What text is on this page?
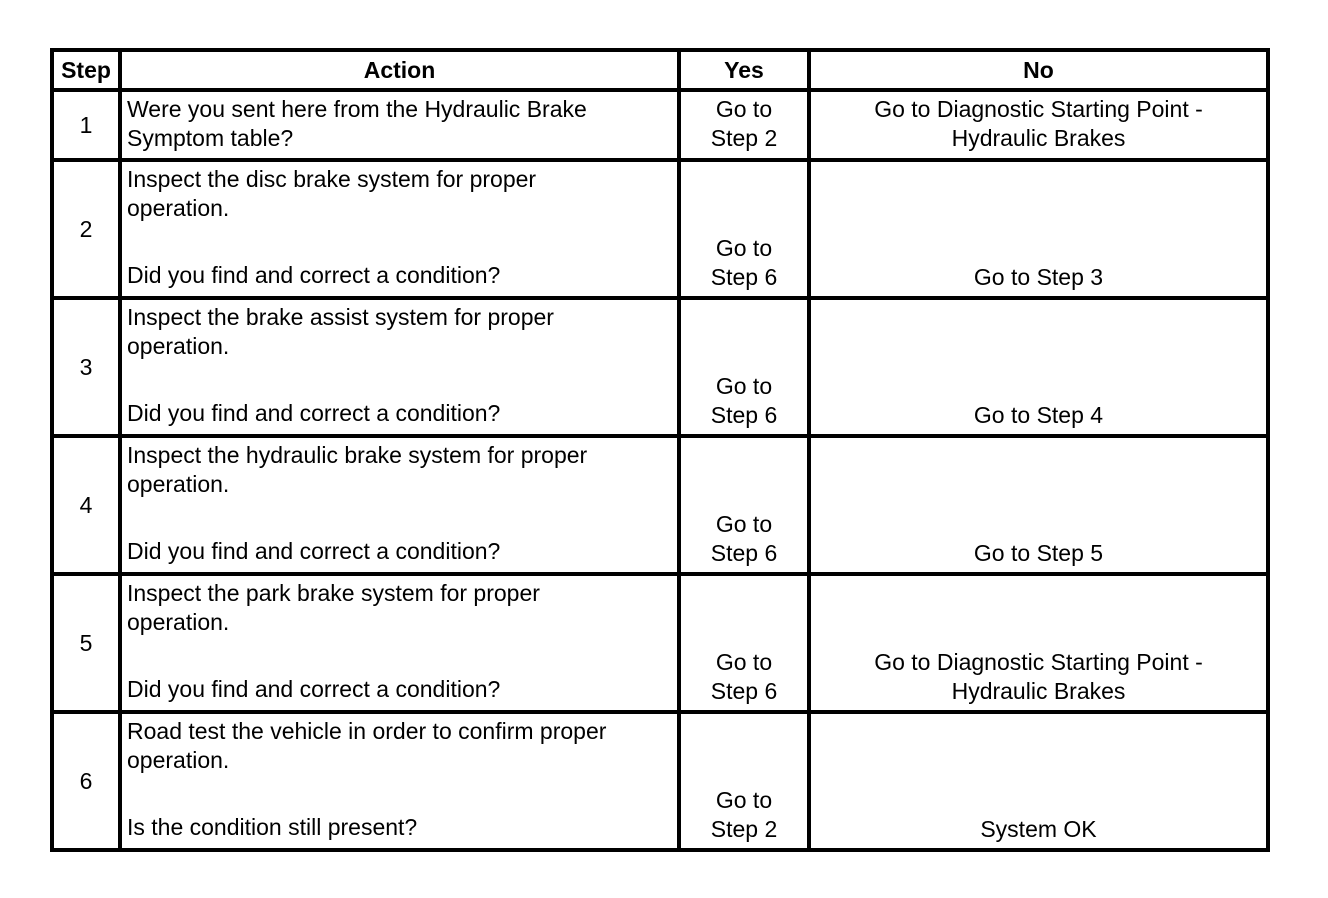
Step	Action	Yes	No
1	Were you sent here from the Hydraulic Brake
Symptom table?	Go to
Step 2	Go to Diagnostic Starting Point -
Hydraulic Brakes

2	Inspect the disc brake system for proper
operation.
Did you find and correct a condition?	Go to
Step 6	Go to Step 3

3	Inspect the brake assist system for proper
operation.
Did you find and correct a condition?	Go to
Step 6	Go to Step 4

4	Inspect the hydraulic brake system for proper
operation.
Did you find and correct a condition?	Go to
Step 6	Go to Step 5

5	Inspect the park brake system for proper
operation.
Did you find and correct a condition?	Go to
Step 6	Go to Diagnostic Starting Point -
Hydraulic Brakes

6	Road test the vehicle in order to confirm proper
operation.
Is the condition still present?	Go to
Step 2	System OK
